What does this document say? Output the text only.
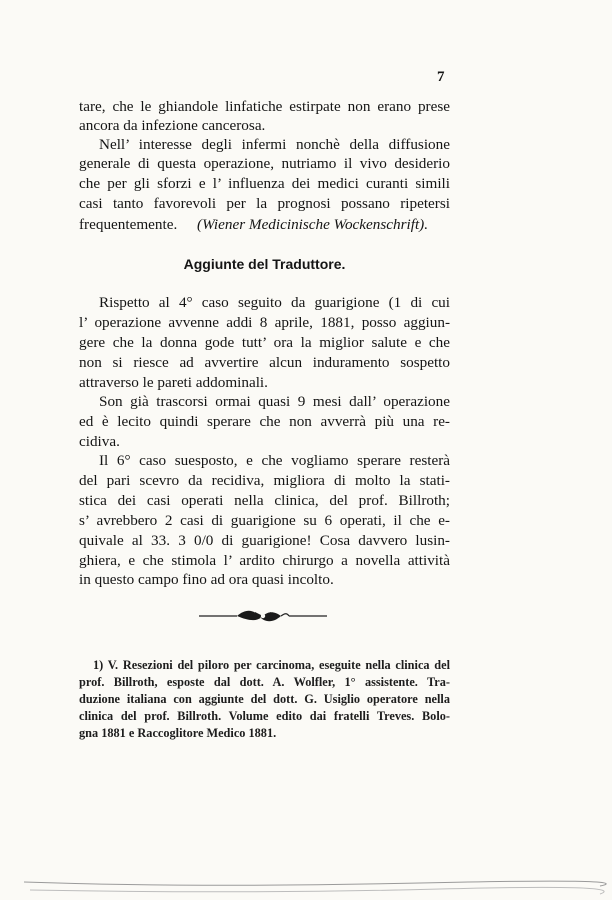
7
tare, che le ghiandole linfatiche estirpate non erano prese
ancora da infezione cancerosa.
Nell’ interesse degli infermi nonchè della diffusione
generale di questa operazione, nutriamo il vivo desiderio
che per gli sforzi e l’ influenza dei medici curanti simili
casi tanto favorevoli per la prognosi possano ripetersi
frequentemente. (Wiener Medicinische Wockenschrift).
Aggiunte del Traduttore.
Rispetto al 4° caso seguito da guarigione (1 di cui
l’ operazione avvenne addi 8 aprile, 1881, posso aggiun-
gere che la donna gode tutt’ ora la miglior salute e che
non si riesce ad avvertire alcun induramento sospetto
attraverso le pareti addominali.
Son già trascorsi ormai quasi 9 mesi dall’ operazione
ed è lecito quindi sperare che non avverrà più una re-
cidiva.
Il 6° caso suesposto, e che vogliamo sperare resterà
del pari scevro da recidiva, migliora di molto la stati-
stica dei casi operati nella clinica, del prof. Billroth;
s’ avrebbero 2 casi di guarigione su 6 operati, il che e-
quivale al 33. 3 0/0 di guarigione! Cosa davvero lusin-
ghiera, e che stimola l’ ardito chirurgo a novella attività
in questo campo fino ad ora quasi incolto.
1) V. Resezioni del piloro per carcinoma, eseguite nella clinica del
prof. Billroth, esposte dal dott. A. Wolfler, 1° assistente. Tra-
duzione italiana con aggiunte del dott. G. Usiglio operatore nella
clinica del prof. Billroth. Volume edito dai fratelli Treves. Bolo-
gna 1881 e Raccoglitore Medico 1881.
